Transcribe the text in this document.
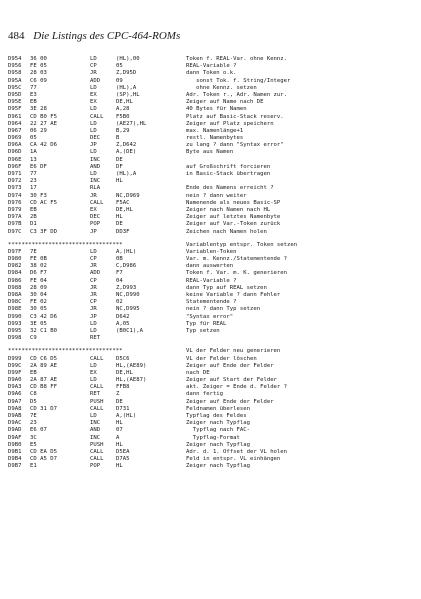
484 Die Listings des CPC-464-ROMs
D954 36 00	LD	(HL),00	Token f. REAL-Var. ohne Kennz.
D956 FE 05	CP	05	REAL-Variable ?
D958 28 03	JR	Z,D95D	dann Token o.k.
D95A C6 09	ADD	09	sonst Tok. f. String/Integer
D95C 77	LD	(HL),A	ohne Kennz. setzen
D95D E3	EX	(SP),HL	Adr. Token r., Adr. Namen zur.
D95E EB	EX	DE,HL	Zeiger auf Name nach DE
D95F 3E 28	LD	A,28	40 Bytes für Namen
D961 CD B0 F5	CALL F5B0	Platz auf Basic-Stack reserv.
D964 22 27 AE	LD	(AE27),HL	Zeiger auf Platz speichern
D967 06 29	LD	B,29	max. Namenlänge+1
D969 05	DEC	B	restl. Namenbytes
D96A CA 42 D6	JP	Z,D642	zu lang ? dann "Syntax error"
D96D 1A	LD	A,(DE)	Byte aus Namen
D96E 13	INC	DE
D96F E6 DF	AND	DF	auf Großschrift forcieren
D971 77	LD	(HL),A	in Basic-Stack übertragen
D972 23	INC	HL
D973 17	RLA	Ende des Namens erreicht ?
D974 30 F3	JR	NC,D969	nein ? dann weiter
D976 CD AC F5	CALL F5AC	Namenende als neues Basic-SP
D979 EB	EX	DE,HL	Zeiger nach Namen nach HL
D97A 2B	DEC	HL	Zeiger auf letztes Namenbyte
D97B D1	POP	DE	Zeiger auf Var.-Token zurück
D97C C3 3F DD	JP	DD3F	Zeichen nach Namen holen
**********************************	Variablentyp entspr. Token setzen
D97F 7E	LD	A,(HL)	Variablen-Token
D980 FE 0B	CP	0B	Var. m. Kennz./Statementende ?
D982 38 02	JR	C,D986	dann auswerten
D984 D6 F7	ADD	F7	Token f. Var. m. K. generieren
D986 FE 04	CP	04	REAL-Variable ?
D988 28 09	JR	Z,D993	dann Typ auf REAL setzen
D98A 30 04	JR	NC,D990	keine Variable ? dann Fehler
D98C FE 02	CP	02	Statementende ?
D98E 30 05	JR	NC,D995	nein ? dann Typ setzen
D990 C3 42 D6	JP	D642	"Syntax error"
D993 3E 05	LD	A,05	Typ für REAL
D995 32 C1 B0	LD	(B0C1),A	Typ setzen
D998 C9	RET
**********************************	VL der Felder neu generieren
D999 CD C6 D5	CALL D5C6	VL der Felder löschen
D99C 2A 89 AE	LD	HL,(AE89)	Zeiger auf Ende der Felder
D99F EB	EX	DE,HL	nach DE
D9A0 2A 87 AE	LD	HL,(AE87)	Zeiger auf Start der Felder
D9A3 CD B8 FF	CALL FFB8	akt. Zeiger = Ende d. Felder ?
D9A6 C8	RET	Z	dann fertig
D9A7 D5	PUSH DE	Zeiger auf Ende der Felder
D9A8 CD 31 D7	CALL D731	Feldnamen überlesen
D9AB 7E	LD	A,(HL)	Typflag des Feldes
D9AC 23	INC	HL	Zeiger nach Typflag
D9AD E6 07	AND	07	Typflag nach FAC-
D9AF 3C	INC	A	Typflag-Format
D9B0 E5	PUSH HL	Zeiger nach Typflag
D9B1 CD EA D5	CALL D5EA	Adr. d. 1. Offset der VL holen
D9B4 CD A5 D7	CALL D7A5	Feld in entspr. VL einhängen
D9B7 E1	POP	HL	Zeiger nach Typflag
